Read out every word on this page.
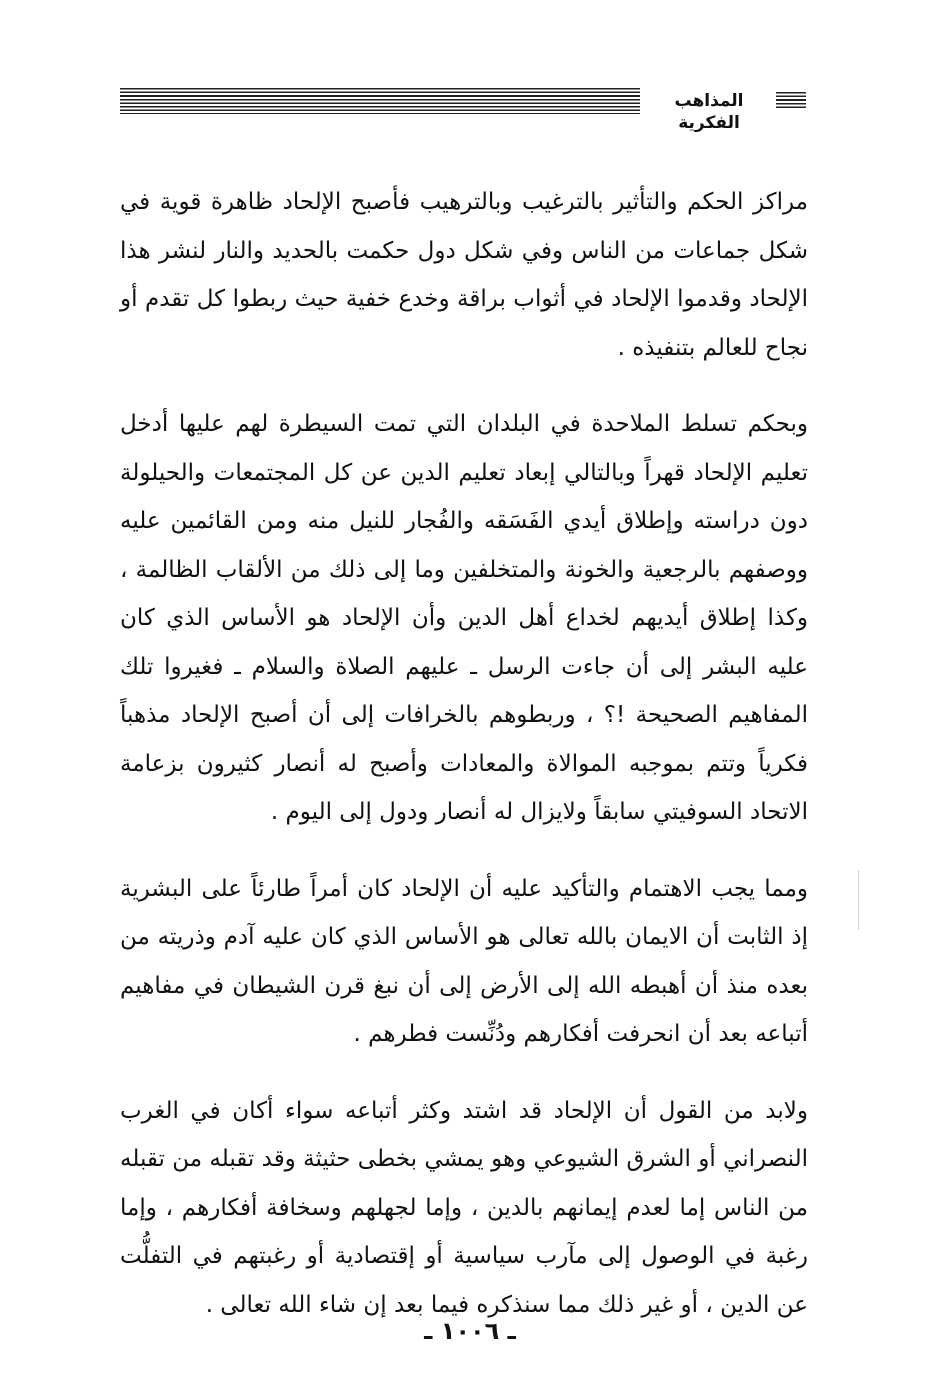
المذاهب الفكرية

مراكز الحكم والتأثير بالترغيب وبالترهيب فأصبح الإلحاد ظاهرة قوية في شكل جماعات من الناس وفي شكل دول حكمت بالحديد والنار لنشر هذا الإلحاد وقدموا الإلحاد في أثواب براقة وخدع خفية حيث ربطوا كل تقدم أو نجاح للعالم بتنفيذه .

وبحكم تسلط الملاحدة في البلدان التي تمت السيطرة لهم عليها أدخل تعليم الإلحاد قهراً وبالتالي إبعاد تعليم الدين عن كل المجتمعات والحيلولة دون دراسته وإطلاق أيدي الفَسَقه والفُجار للنيل منه ومن القائمين عليه ووصفهم بالرجعية والخونة والمتخلفين وما إلى ذلك من الألقاب الظالمة ، وكذا إطلاق أيديهم لخداع أهل الدين وأن الإلحاد هو الأساس الذي كان عليه البشر إلى أن جاءت الرسل ـ عليهم الصلاة والسلام ـ فغيروا تلك المفاهيم الصحيحة !؟ ، وربطوهم بالخرافات إلى أن أصبح الإلحاد مذهباً فكرياً وتتم بموجبه الموالاة والمعادات وأصبح له أنصار كثيرون بزعامة الاتحاد السوفيتي سابقاً ولايزال له أنصار ودول إلى اليوم .

ومما يجب الاهتمام والتأكيد عليه أن الإلحاد كان أمراً طارئاً على البشرية إذ الثابت أن الايمان بالله تعالى هو الأساس الذي كان عليه آدم وذريته من بعده منذ أن أهبطه الله إلى الأرض إلى أن نبغ قرن الشيطان في مفاهيم أتباعه بعد أن انحرفت أفكارهم ودُنِّست فطرهم .

ولابد من القول أن الإلحاد قد اشتد وكثر أتباعه سواء أكان في الغرب النصراني أو الشرق الشيوعي وهو يمشي بخطى حثيثة وقد تقبله من تقبله من الناس إما لعدم إيمانهم بالدين ، وإما لجهلهم وسخافة أفكارهم ، وإما رغبة في الوصول إلى مآرب سياسية أو إقتصادية أو رغبتهم في التفلُّت عن الدين ، أو غير ذلك مما سنذكره فيما بعد إن شاء الله تعالى .

ـ ١٠٠٦ ـ
